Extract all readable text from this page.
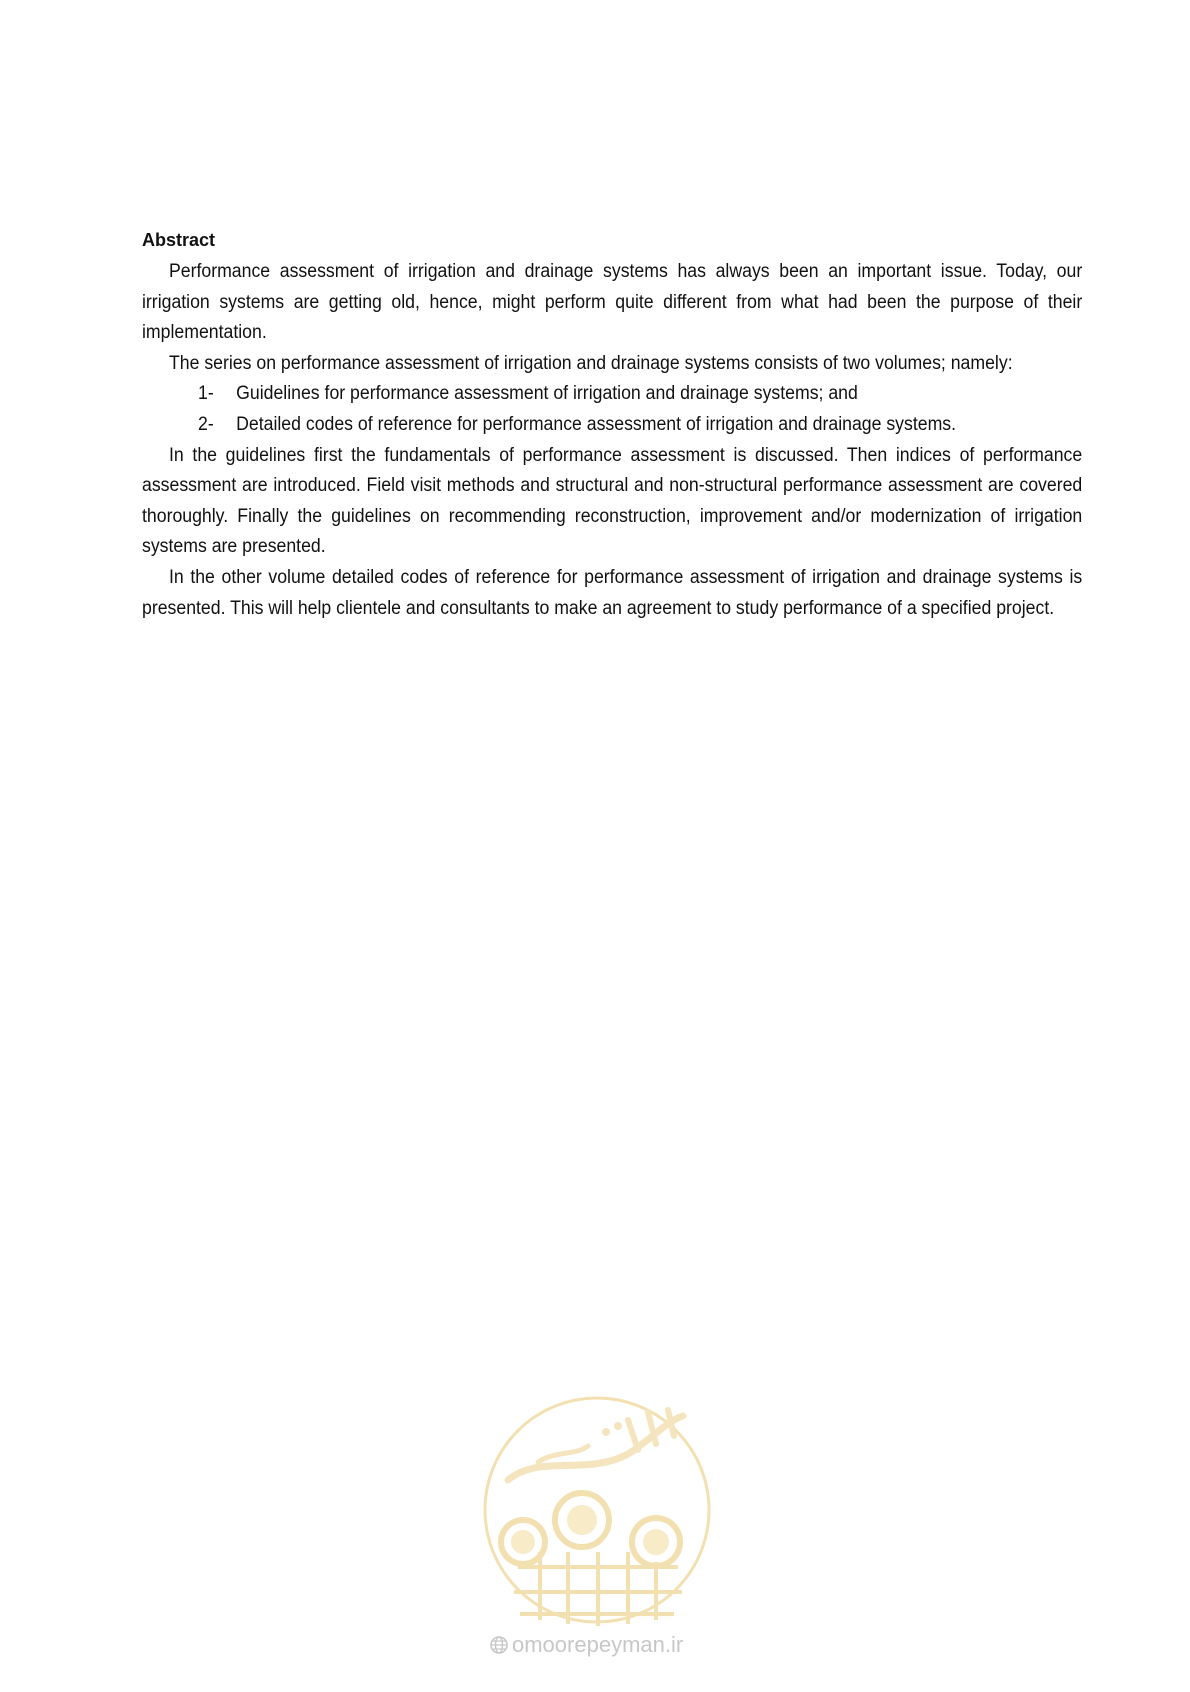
Abstract

Performance assessment of irrigation and drainage systems has always been an important issue. Today, our irrigation systems are getting old, hence, might perform quite different from what had been the purpose of their implementation.

The series on performance assessment of irrigation and drainage systems consists of two volumes; namely:

1-	Guidelines for performance assessment of irrigation and drainage systems; and
2-	Detailed codes of reference for performance assessment of irrigation and drainage systems.

In the guidelines first the fundamentals of performance assessment is discussed. Then indices of performance assessment are introduced. Field visit methods and structural and non-structural performance assessment are covered thoroughly. Finally the guidelines on recommending reconstruction, improvement and/or modernization of irrigation systems are presented.

In the other volume detailed codes of reference for performance assessment of irrigation and drainage systems is presented. This will help clientele and consultants to make an agreement to study performance of a specified project.

omoorepeyman.ir
